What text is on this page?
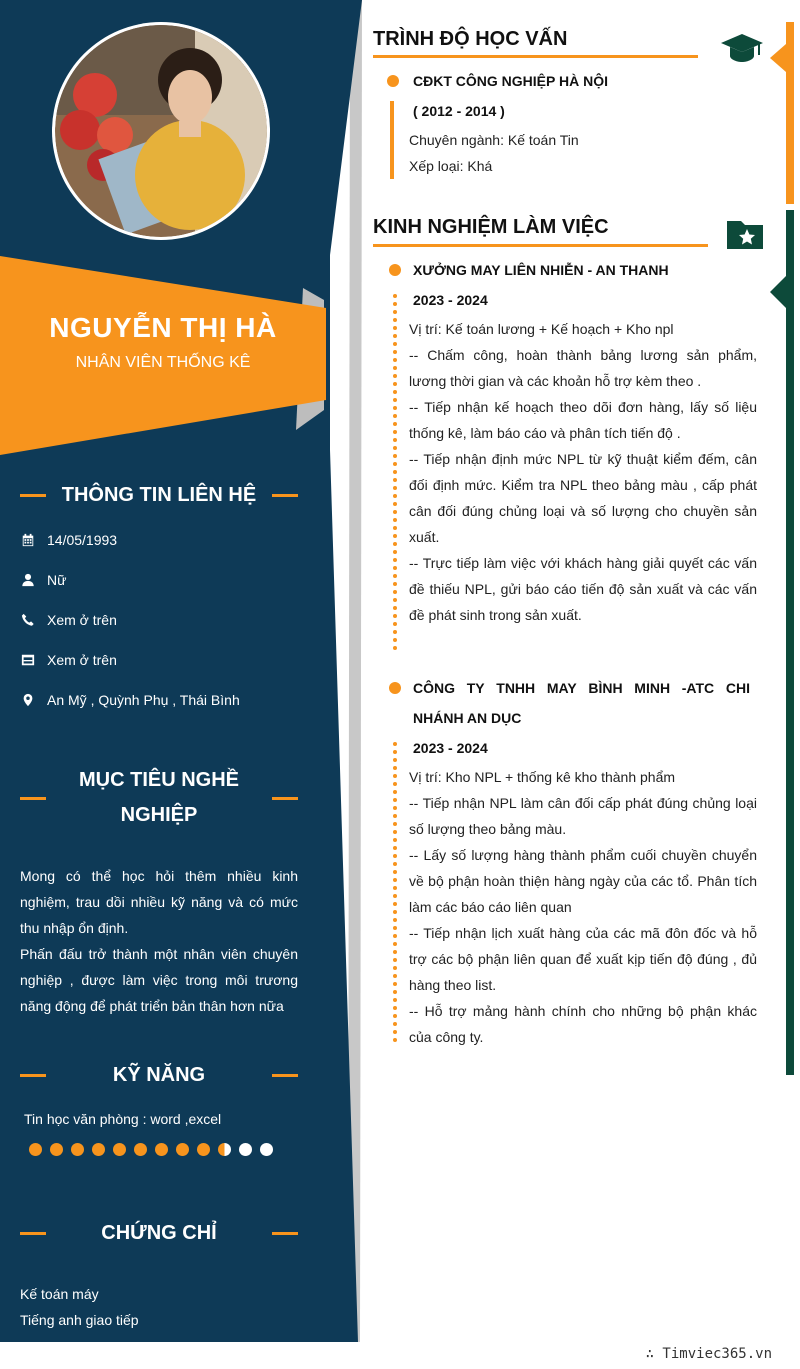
NGUYỄN THỊ HÀ
NHÂN VIÊN THỐNG KÊ
THÔNG TIN LIÊN HỆ
14/05/1993
Nữ
Xem ở trên
Xem ở trên
An Mỹ , Quỳnh Phụ , Thái Bình
MỤC TIÊU NGHỀ
NGHIỆP

Mong có thể học hỏi thêm nhiều kinh nghiệm, trau dồi nhiều kỹ năng và có mức thu nhập ổn định.

Phấn đấu trở thành một nhân viên chuyên nghiệp , được làm việc trong môi trương năng động để phát triển bản thân hơn nữa

KỸ NĂNG
Tin học văn phòng : word ,excel
CHỨNG CHỈ
Kế toán máy
Tiếng anh giao tiếp
TRÌNH ĐỘ HỌC VẤN
CĐKT CÔNG NGHIỆP HÀ NỘI
( 2012 - 2014 )

Chuyên ngành: Kế toán Tin

Xếp loại: Khá

KINH NGHIỆM LÀM VIỆC
XƯỞNG MAY LIÊN NHIỄN - AN THANH
2023 - 2024

Vị trí: Kế toán lương + Kế hoạch + Kho npl

-- Chấm công, hoàn thành bảng lương sản phẩm, lương thời gian và các khoản hỗ trợ kèm theo .

-- Tiếp nhận kế hoạch theo dõi đơn hàng, lấy số liệu thống kê, làm báo cáo và phân tích tiến độ .

-- Tiếp nhận định mức NPL từ kỹ thuật kiểm đếm, cân đối định mức. Kiểm tra NPL theo bảng màu , cấp phát cân đối đúng chủng loại và số lượng cho chuyền sản xuất.

-- Trực tiếp làm việc với khách hàng giải quyết các vấn đề thiếu NPL, gửi báo cáo tiến độ sản xuất và các vấn đề phát sinh trong sản xuất.

CÔNG TY TNHH MAY BÌNH MINH -ATC CHI
NHÁNH AN DỤC
2023 - 2024

Vị trí: Kho NPL + thống kê kho thành phẩm

-- Tiếp nhận NPL làm cân đối cấp phát đúng chủng loại số lượng theo bảng màu.

-- Lấy số lượng hàng thành phẩm cuối chuyền chuyển về bộ phận hoàn thiện hàng ngày của các tổ. Phân tích làm các báo cáo liên quan

-- Tiếp nhận lịch xuất hàng của các mã đôn đốc và hỗ trợ các bộ phận liên quan để xuất kịp tiến độ đúng , đủ hàng theo list.

-- Hỗ trợ mảng hành chính cho những bộ phận khác của công ty.

∴ Timviec365.vn
